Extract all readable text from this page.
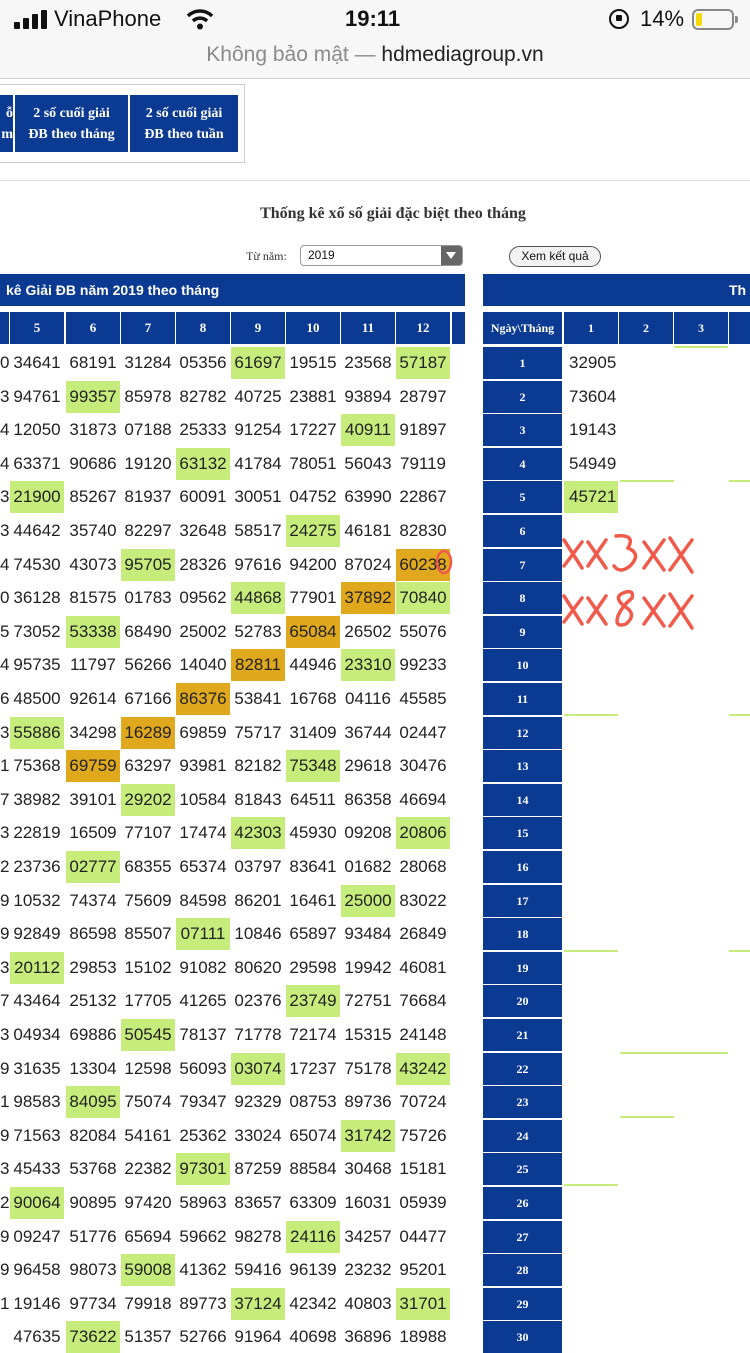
VinaPhone	19:11	14%
Không bảo mật — hdmediagroup.vn
ỗ
m
2 số cuối giải
ĐB theo tháng
2 số cuối giải
ĐB theo tuần
Thống kê xổ số giải đặc biệt theo tháng
Từ năm:	2019	Xem kết quả
kê Giải ĐB năm 2019 theo tháng	Th
5	6	7	8	9	10	11	12
0 34641 68191 31284 05356 61697 19515 23568 57187
3 94761 99357 85978 82782 40725 23881 93894 28797
4 12050 31873 07188 25333 91254 17227 40911 91897
4 63371 90686 19120 63132 41784 78051 56043 79119
3 21900 85267 81937 60091 30051 04752 63990 22867
3 44642 35740 82297 32648 58517 24275 46181 82830
4 74530 43073 95705 28326 97616 94200 87024 60238
0 36128 81575 01783 09562 44868 77901 37892 70840
5 73052 53338 68490 25002 52783 65084 26502 55076
4 95735 11797 56266 14040 82811 44946 23310 99233
6 48500 92614 67166 86376 53841 16768 04116 45585
3 55886 34298 16289 69859 75717 31409 36744 02447
1 75368 69759 63297 93981 82182 75348 29618 30476
7 38982 39101 29202 10584 81843 64511 86358 46694
3 22819 16509 77107 17474 42303 45930 09208 20806
2 23736 02777 68355 65374 03797 83641 01682 28068
9 10532 74374 75609 84598 86201 16461 25000 83022
9 92849 86598 85507 07111 10846 65897 93484 26849
3 20112 29853 15102 91082 80620 29598 19942 46081
7 43464 25132 17705 41265 02376 23749 72751 76684
3 04934 69886 50545 78137 71778 72174 15315 24148
9 31635 13304 12598 56093 03074 17237 75178 43242
1 98583 84095 75074 79347 92329 08753 89736 70724
9 71563 82084 54161 25362 33024 65074 31742 75726
3 45433 53768 22382 97301 87259 88584 30468 15181
2 90064 90895 97420 58963 83657 63309 16031 05939
9 09247 51776 65694 59662 98278 24116 34257 04477
9 96458 98073 59008 41362 59416 96139 23232 95201
1 19146 97734 79918 89773 37124 42342 40803 31701
47635 73622 51357 52766 91964 40698 36896 18988
Ngày\Tháng	1	2	3
1	32905
2	73604
3	19143
4	54949
5	45721
6
7
8
9
10
11
12
13
14
15
16
17
18
19
20
21
22
23
24
25
26
27
28
29
30
